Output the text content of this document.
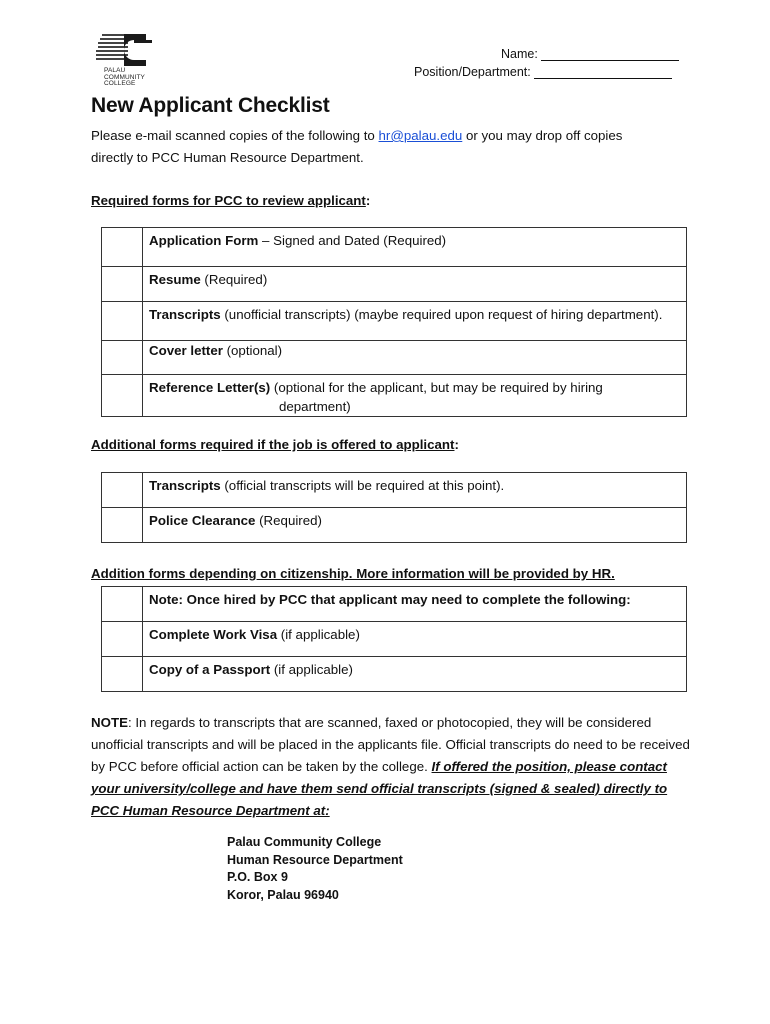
PALAU
COMMUNITY
COLLEGE
Name:
Position/Department:
New Applicant Checklist
Please e-mail scanned copies of the following to hr@palau.edu or you may drop off copies
directly to PCC Human Resource Department.
Required forms for PCC to review applicant:
	Application Form – Signed and Dated (Required)
	Resume (Required)
	Transcripts (unofficial transcripts) (maybe required upon request of hiring department).
	Cover letter (optional)

	Reference Letter(s) (optional for the applicant, but may be required by hiring
department)
Additional forms required if the job is offered to applicant:
	Transcripts (official transcripts will be required at this point).
	Police Clearance (Required)
Addition forms depending on citizenship. More information will be provided by HR.
	Note: Once hired by PCC that applicant may need to complete the following:
	Complete Work Visa (if applicable)
	Copy of a Passport (if applicable)
NOTE: In regards to transcripts that are scanned, faxed or photocopied, they will be considered unofficial transcripts and will be placed in the applicants file. Official transcripts do need to be received by PCC before official action can be taken by the college. If offered the position, please contact your university/college and have them send official transcripts (signed & sealed) directly to PCC Human Resource Department at:
Palau Community College
Human Resource Department
P.O. Box 9
Koror, Palau 96940
